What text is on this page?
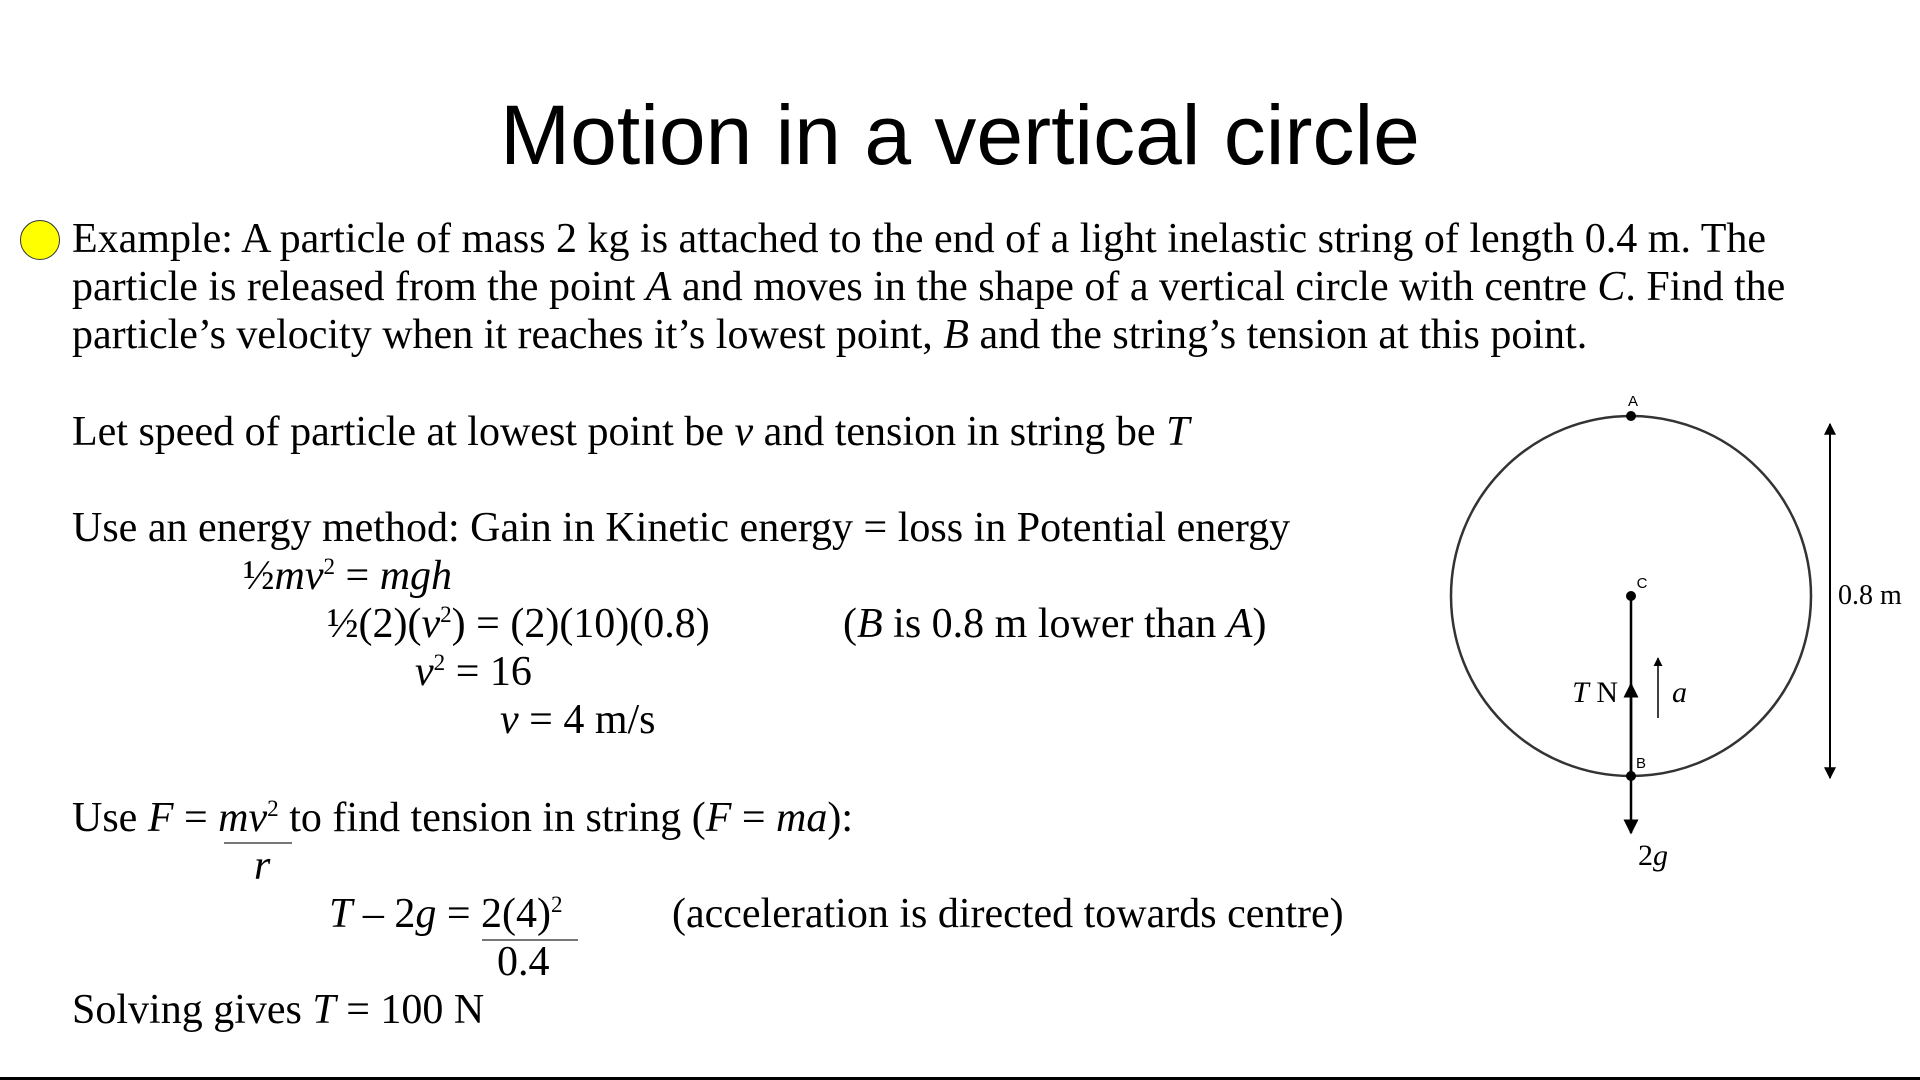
Motion in a vertical circle
Example: A particle of mass 2 kg is attached to the end of a light inelastic string of length 0.4 m. The particle is released from the point A and moves in the shape of a vertical circle with centre C. Find the particle’s velocity when it reaches it’s lowest point, B and the string’s tension at this point.
Let speed of particle at lowest point be v and tension in string be T
Use an energy method: Gain in Kinetic energy = loss in Potential energy
$\frac{1}{2}mv^2$ = mgh
$\frac{1}{2}(2)(v^2) = (2)(10)(0.8)$	(B is 0.8 m lower than A)
$v^2 = 16$
v = 4 m/s
Use $F = mv^2$ to find tension in string (F = ma):
r
$T - 2g = 2(4)^2$
0.4
(acceleration is directed towards centre)
Solving gives T = 100 N
A
C
B
T N a
2g
0.8 m
